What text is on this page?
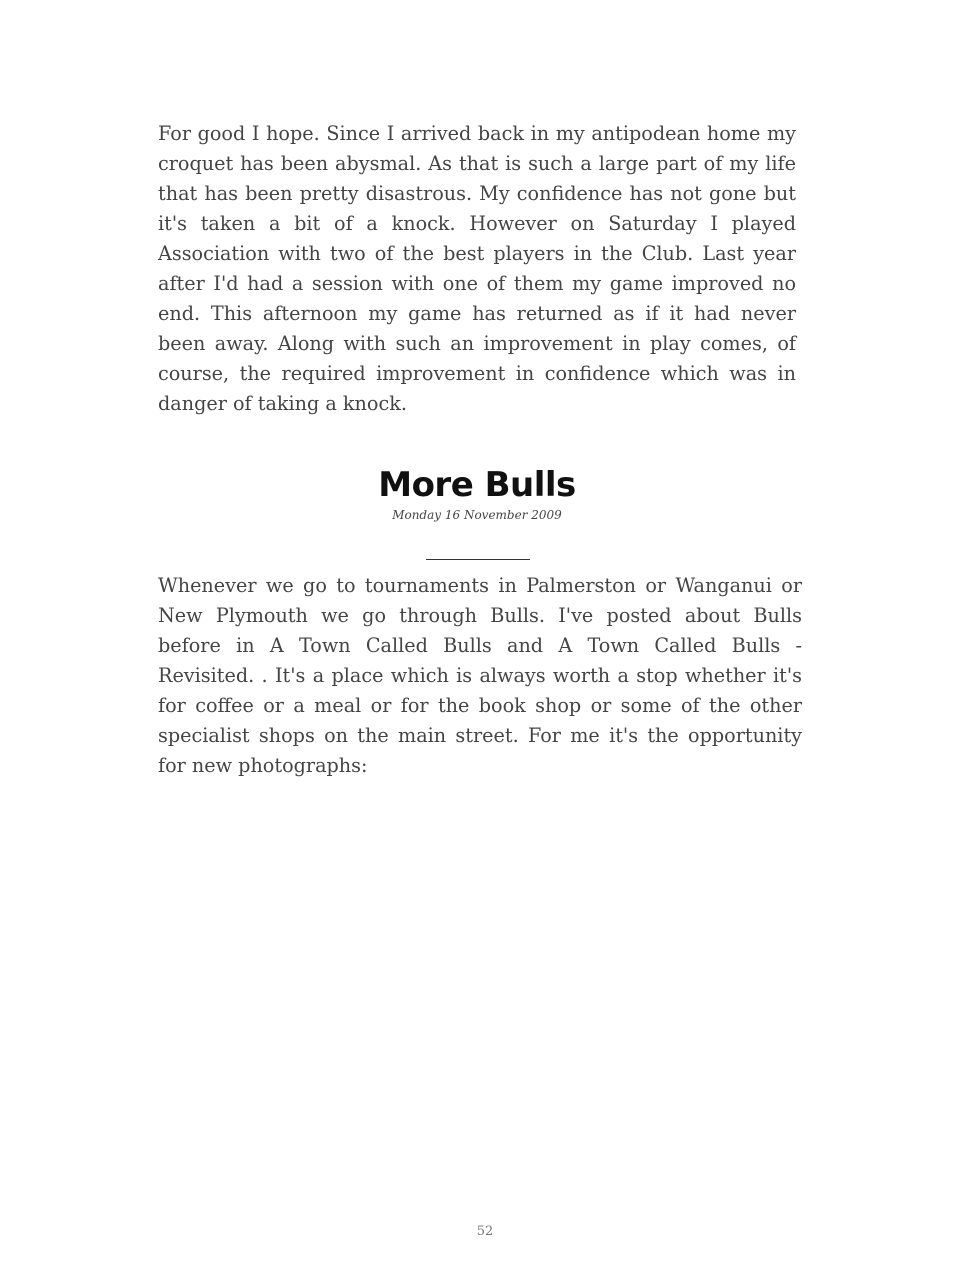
For good I hope. Since I arrived back in my antipodean home my croquet has been abysmal. As that is such a large part of my life that has been pretty disastrous. My confidence has not gone but it's taken a bit of a knock. However on Saturday I played Association with two of the best players in the Club. Last year after I'd had a session with one of them my game improved no end. This afternoon my game has returned as if it had never been away. Along with such an improvement in play comes, of course, the required improvement in confidence which was in danger of taking a knock.

More Bulls
Monday 16 November 2009

Whenever we go to tournaments in Palmerston or Wanganui or New Plymouth we go through Bulls. I've posted about Bulls before in A Town Called Bulls and A Town Called Bulls - Revisited. . It's a place which is always worth a stop whether it's for coffee or a meal or for the book shop or some of the other specialist shops on the main street. For me it's the opportunity for new photographs:

52
